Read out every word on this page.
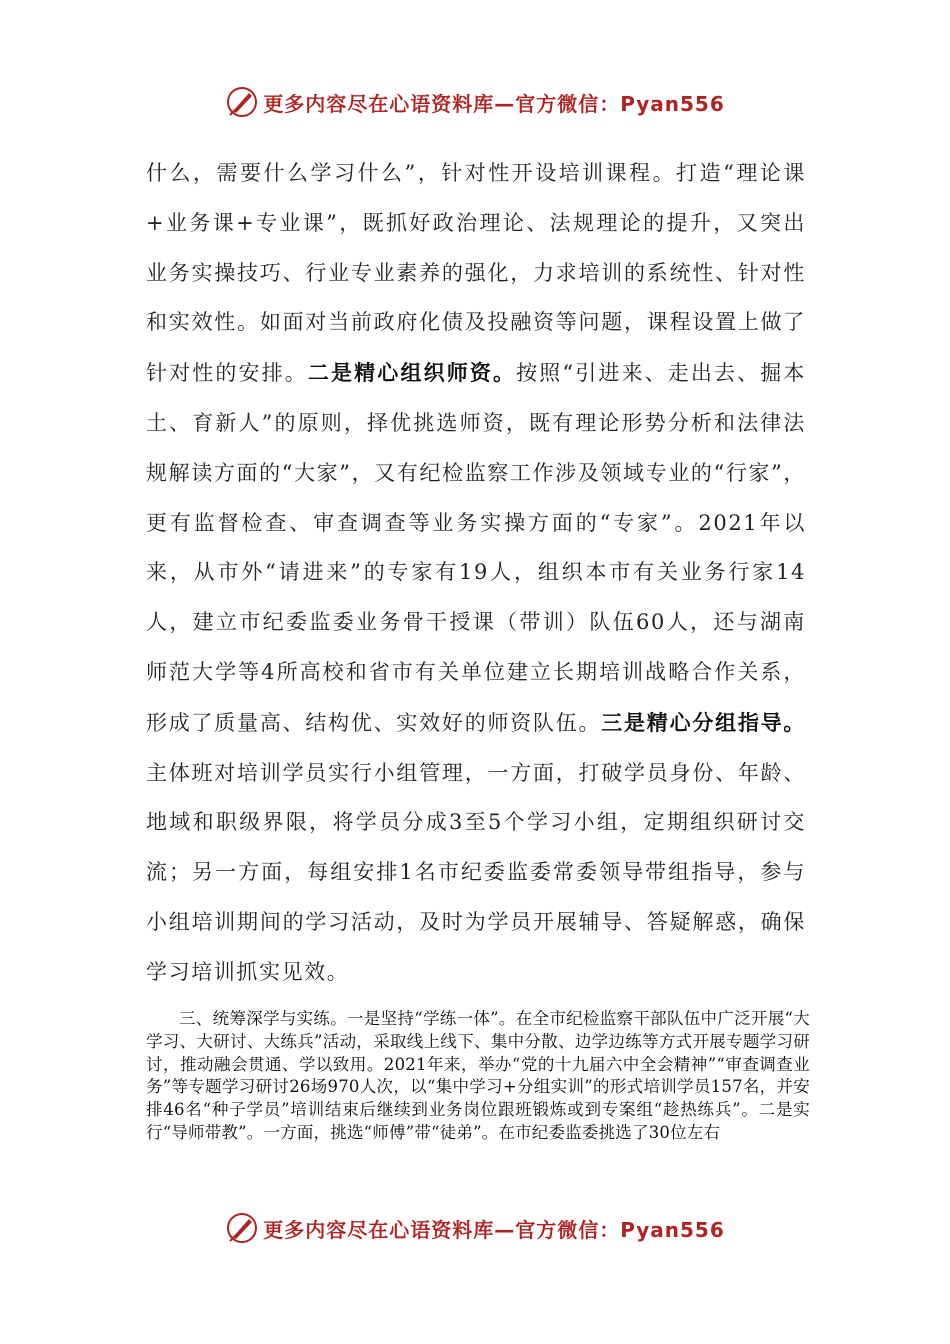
更多内容尽在心语资料库—官方微信：Pyan556

什么，需要什么学习什么”，针对性开设培训课程。打造“理论课+业务课+专业课”，既抓好政治理论、法规理论的提升，又突出业务实操技巧、行业专业素养的强化，力求培训的系统性、针对性和实效性。如面对当前政府化债及投融资等问题，课程设置上做了针对性的安排。二是精心组织师资。按照“引进来、走出去、掘本土、育新人”的原则，择优挑选师资，既有理论形势分析和法律法规解读方面的“大家”，又有纪检监察工作涉及领域专业的“行家”，更有监督检查、审查调查等业务实操方面的“专家”。2021年以来，从市外“请进来”的专家有19人，组织本市有关业务行家14人，建立市纪委监委业务骨干授课（带训）队伍60人，还与湖南师范大学等4所高校和省市有关单位建立长期培训战略合作关系，形成了质量高、结构优、实效好的师资队伍。三是精心分组指导。主体班对培训学员实行小组管理，一方面，打破学员身份、年龄、地域和职级界限，将学员分成3至5个学习小组，定期组织研讨交流；另一方面，每组安排1名市纪委监委常委领导带组指导，参与小组培训期间的学习活动，及时为学员开展辅导、答疑解惑，确保学习培训抓实见效。

三、统筹深学与实练。一是坚持“学练一体”。在全市纪检监察干部队伍中广泛开展“大学习、大研讨、大练兵”活动，采取线上线下、集中分散、边学边练等方式开展专题学习研讨，推动融会贯通、学以致用。2021年来，举办“党的十九届六中全会精神”“审查调查业务”等专题学习研讨26场970人次，以“集中学习+分组实训”的形式培训学员157名，并安排46名“种子学员”培训结束后继续到业务岗位跟班锻炼或到专案组“趁热练兵”。二是实行“导师带教”。一方面，挑选“师傅”带“徒弟”。在市纪委监委挑选了30位左右

更多内容尽在心语资料库—官方微信：Pyan556
